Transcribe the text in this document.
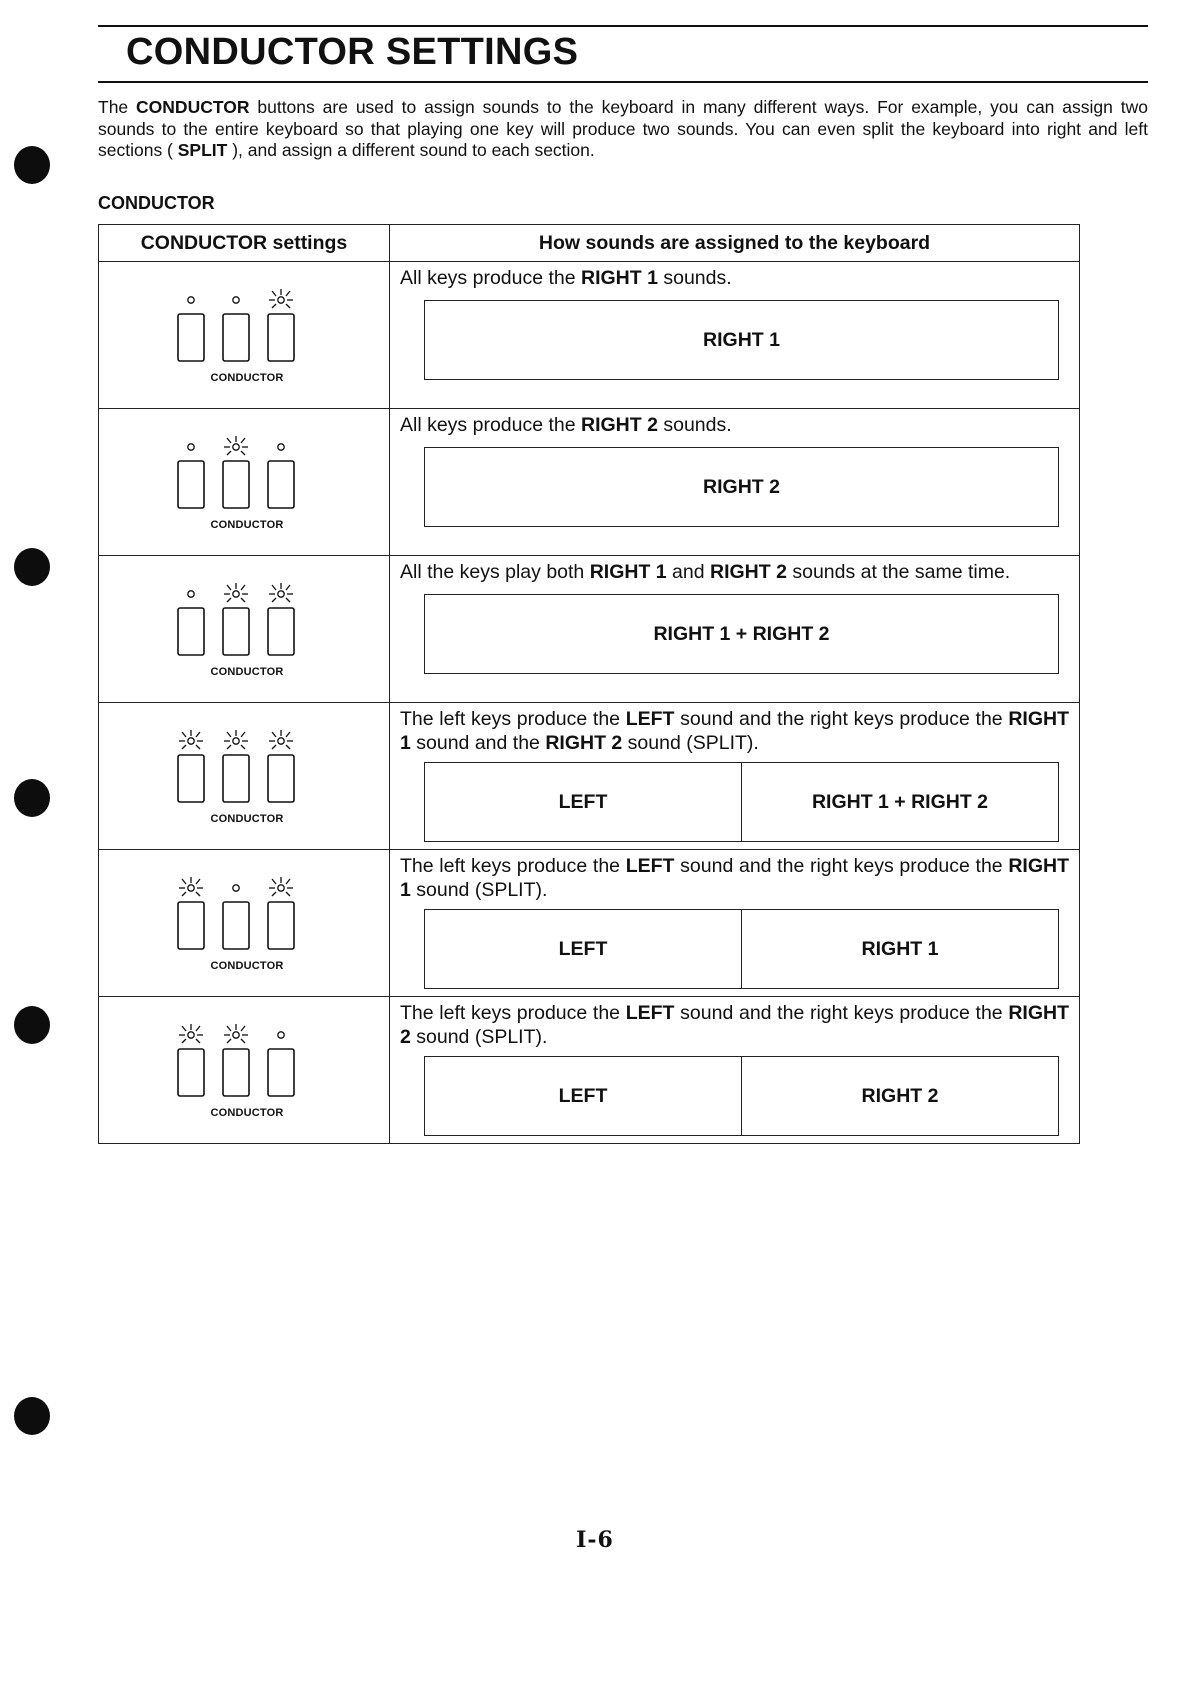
CONDUCTOR SETTINGS

The CONDUCTOR buttons are used to assign sounds to the keyboard in many different ways. For example, you can assign two sounds to the entire keyboard so that playing one key will produce two sounds. You can even split the keyboard into right and left sections ( SPLIT ), and assign a different sound to each section.

CONDUCTOR
CONDUCTOR settings	How sounds are assigned to the keyboard

CONDUCTOR	All keys produce the RIGHT 1 sounds.

RIGHT 1

CONDUCTOR	All keys produce the RIGHT 2 sounds.

RIGHT 2

CONDUCTOR	All the keys play both RIGHT 1 and RIGHT 2 sounds at the same time.

RIGHT 1 + RIGHT 2

CONDUCTOR	The left keys produce the LEFT sound and the right keys produce the RIGHT 1 sound and the RIGHT 2 sound (SPLIT).

LEFT RIGHT 1 + RIGHT 2

CONDUCTOR	The left keys produce the LEFT sound and the right keys produce the RIGHT 1 sound (SPLIT).

LEFT RIGHT 1

CONDUCTOR	The left keys produce the LEFT sound and the right keys produce the RIGHT 2 sound (SPLIT).

LEFT RIGHT 2
I-6
